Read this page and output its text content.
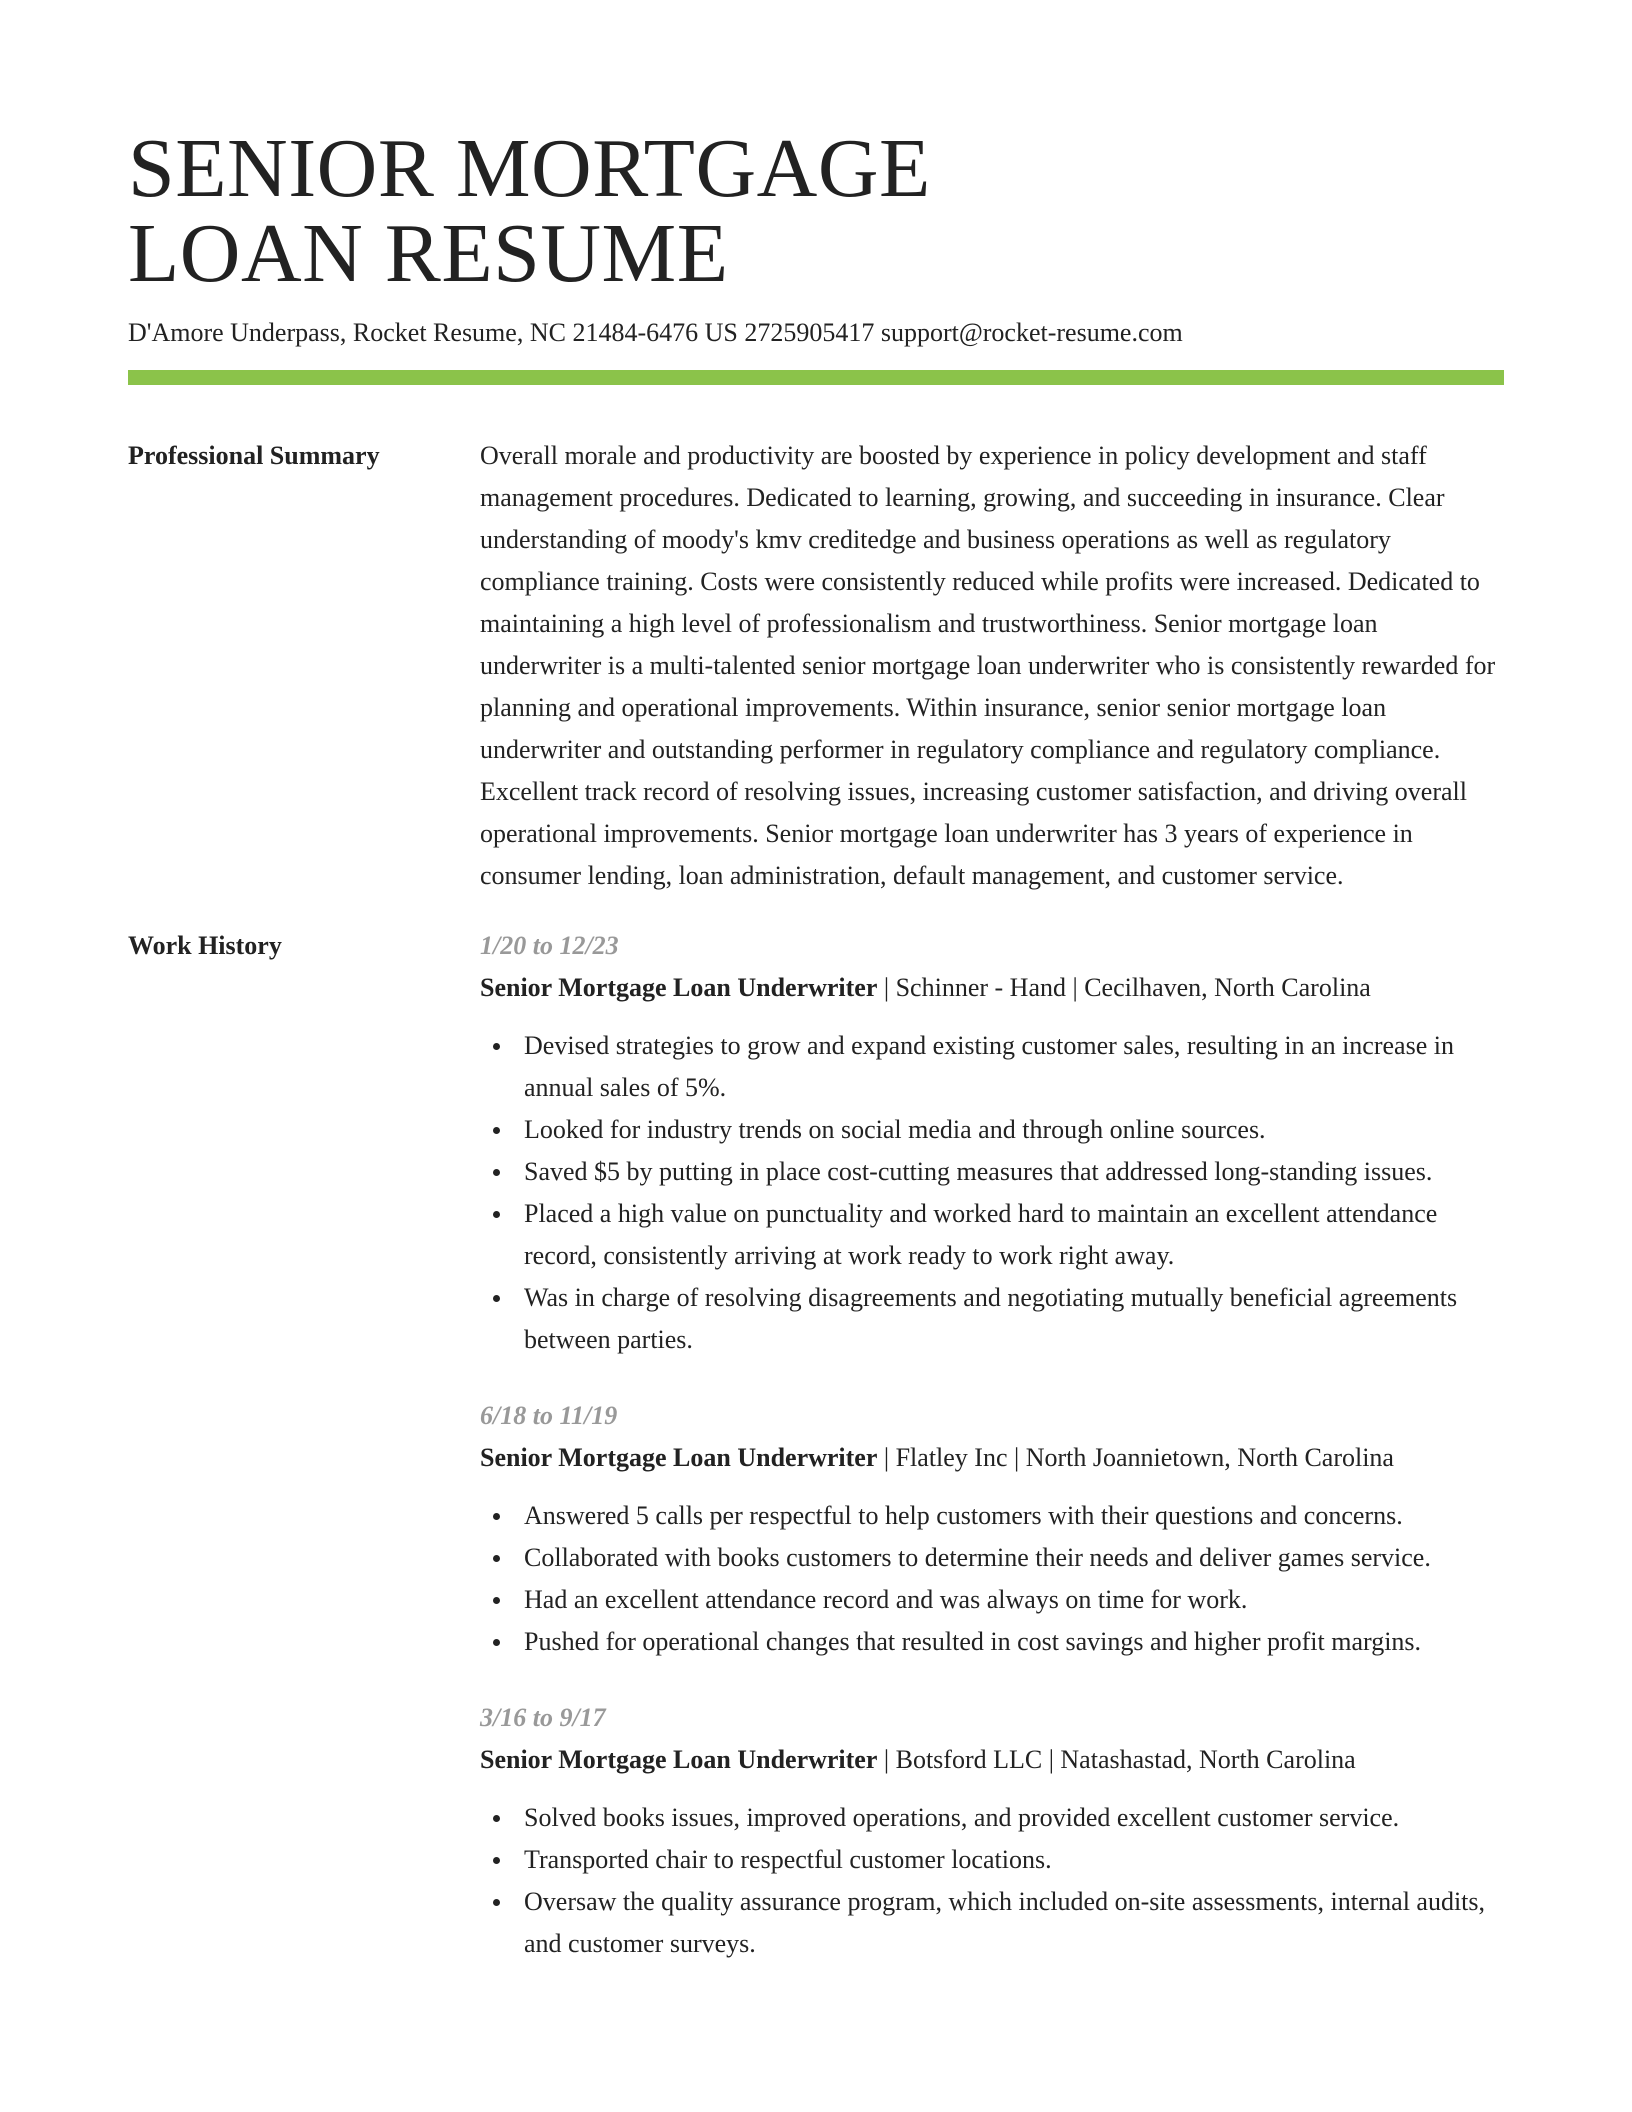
SENIOR MORTGAGE
LOAN RESUME
D'Amore Underpass, Rocket Resume, NC 21484-6476 US 2725905417 support@rocket-resume.com
Professional Summary	Overall morale and productivity are boosted by experience in policy development and staff management procedures. Dedicated to learning, growing, and succeeding in insurance. Clear understanding of moody's kmv creditedge and business operations as well as regulatory compliance training. Costs were consistently reduced while profits were increased. Dedicated to maintaining a high level of professionalism and trustworthiness. Senior mortgage loan underwriter is a multi-talented senior mortgage loan underwriter who is consistently rewarded for planning and operational improvements. Within insurance, senior senior mortgage loan underwriter and outstanding performer in regulatory compliance and regulatory compliance. Excellent track record of resolving issues, increasing customer satisfaction, and driving overall operational improvements. Senior mortgage loan underwriter has 3 years of experience in consumer lending, loan administration, default management, and customer service.

Work History	1/20 to 12/23
Senior Mortgage Loan Underwriter | Schinner - Hand | Cecilhaven, North Carolina
Devised strategies to grow and expand existing customer sales, resulting in an increase in annual sales of 5%.
Looked for industry trends on social media and through online sources.
Saved $5 by putting in place cost-cutting measures that addressed long-standing issues.
Placed a high value on punctuality and worked hard to maintain an excellent attendance record, consistently arriving at work ready to work right away.
Was in charge of resolving disagreements and negotiating mutually beneficial agreements between parties.
6/18 to 11/19
Senior Mortgage Loan Underwriter | Flatley Inc | North Joannietown, North Carolina
Answered 5 calls per respectful to help customers with their questions and concerns.
Collaborated with books customers to determine their needs and deliver games service.
Had an excellent attendance record and was always on time for work.
Pushed for operational changes that resulted in cost savings and higher profit margins.
3/16 to 9/17
Senior Mortgage Loan Underwriter | Botsford LLC | Natashastad, North Carolina
Solved books issues, improved operations, and provided excellent customer service.
Transported chair to respectful customer locations.
Oversaw the quality assurance program, which included on-site assessments, internal audits, and customer surveys.
